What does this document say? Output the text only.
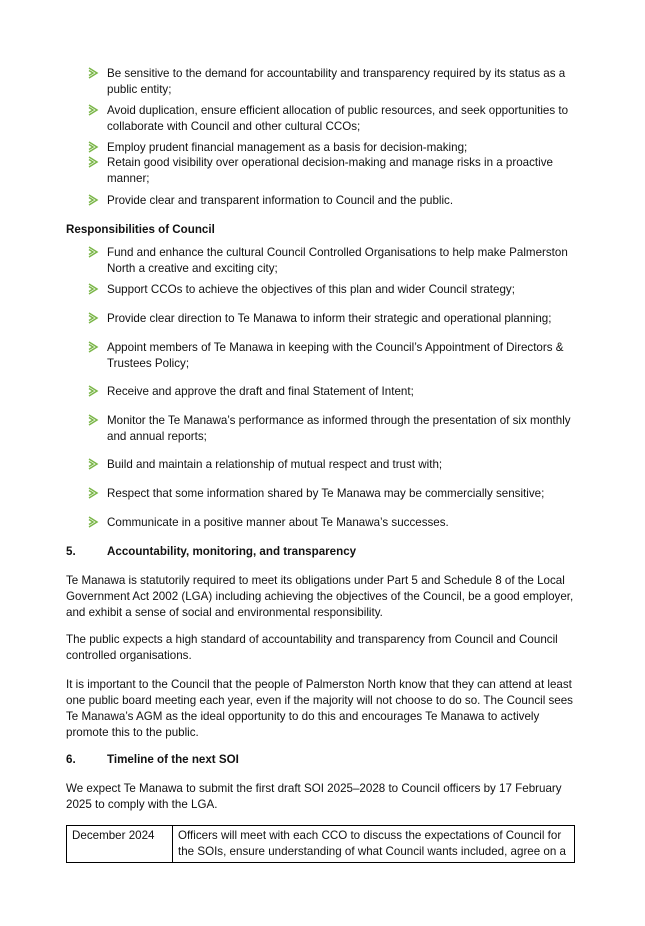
Be sensitive to the demand for accountability and transparency required by its status as a public entity;
Avoid duplication, ensure efficient allocation of public resources, and seek opportunities to collaborate with Council and other cultural CCOs;
Employ prudent financial management as a basis for decision-making;
Retain good visibility over operational decision-making and manage risks in a proactive manner;
Provide clear and transparent information to Council and the public.
Responsibilities of Council
Fund and enhance the cultural Council Controlled Organisations to help make Palmerston North a creative and exciting city;
Support CCOs to achieve the objectives of this plan and wider Council strategy;
Provide clear direction to Te Manawa to inform their strategic and operational planning;
Appoint members of Te Manawa in keeping with the Council’s Appointment of Directors & Trustees Policy;
Receive and approve the draft and final Statement of Intent;
Monitor the Te Manawa’s performance as informed through the presentation of six monthly and annual reports;
Build and maintain a relationship of mutual respect and trust with;
Respect that some information shared by Te Manawa may be commercially sensitive;
Communicate in a positive manner about Te Manawa’s successes.
5.	Accountability, monitoring, and transparency
Te Manawa is statutorily required to meet its obligations under Part 5 and Schedule 8 of the Local Government Act 2002 (LGA) including achieving the objectives of the Council, be a good employer, and exhibit a sense of social and environmental responsibility.
The public expects a high standard of accountability and transparency from Council and Council controlled organisations.
It is important to the Council that the people of Palmerston North know that they can attend at least one public board meeting each year, even if the majority will not choose to do so. The Council sees Te Manawa’s AGM as the ideal opportunity to do this and encourages Te Manawa to actively promote this to the public.
6.	Timeline of the next SOI
We expect Te Manawa to submit the first draft SOI 2025–2028 to Council officers by 17 February 2025 to comply with the LGA.
December 2024	Officers will meet with each CCO to discuss the expectations of Council for the SOIs, ensure understanding of what Council wants included, agree on a
